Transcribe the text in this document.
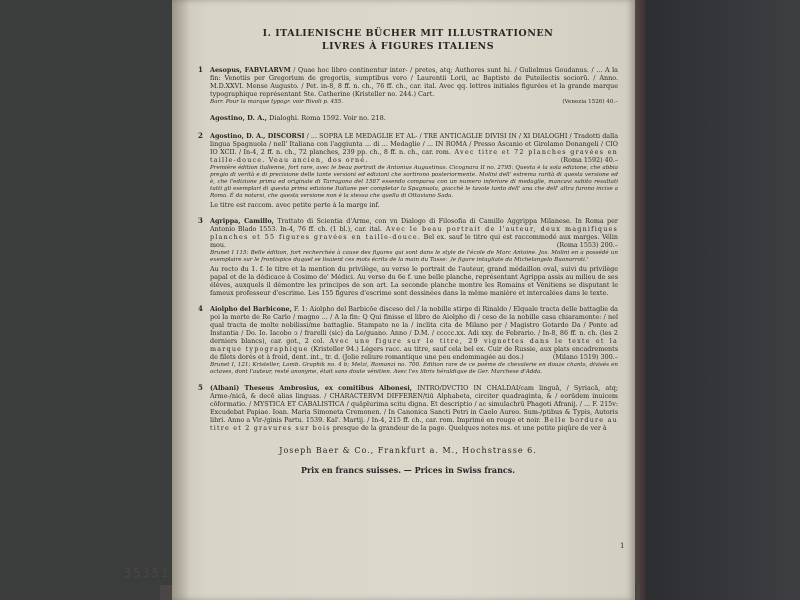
I. ITALIENISCHE BÜCHER MIT ILLUSTRATIONEN

LIVRES À FIGURES ITALIENS

1 Aesopus, FABVLARVM / Quae hoc libro continentur inter- / pretes, atq; Authores sunt hi. / Gulielmus Goudanus. / ... A la fin: Venetiis per Gregorium de gregoriis, sumptibus vero / Laurentii Lorii, ac Baptiste de Puteilectis sociorū. / Anno. M.D.XXVI. Mense Augusto. / Pet. in-8, 8 ff. n. ch., 76 ff. ch., car. ital. Avec qq. lettres initiales figurées et la grande marque typographique représentant Ste. Catherine (Kristeller no. 244.) Cart.
Barr. Pour la marque typogr. voir Rivoli p. 455.	(Venezia 1526) 40.–
Agostino, D. A., Dialoghi. Roma 1592. Voir no. 218.
2 Agostino, D. A., DISCORSI / ... SOPRA LE MEDAGLIE ET AL- / TRE ANTICAGLIE DIVISI IN / XI DIALOGHI / Tradotti dalla lingua Spagnuola / nell' Italiana con l'aggiunta ... di ... Medaglie / ... IN ROMA / Presso Ascanio et Girolamo Donangeli / CIO IO XCII. / In-4, 2 ff. n. ch., 72 planches, 239 pp. ch., 8 ff. n. ch., car. rom. Avec titre et 72 planches gravées en taille-douce. Veau ancien, dos orné.	(Roma 1592) 40.–
Première édition italienne, fort rare, avec le beau portrait de Antonius Augustinus. Cicognara II no. 2795: Questa è la sola edizione, che abbia pregio di verità e di precisione delle tante versioni ed edizioni che sortirono posteriormente. Molini dell' estrema rarità di questa versione ed è, che l'edizione prima ed originale di Tarragona del 1587 essendo comparsa con un numero inferiore di medaglie, mancavi subito resultati tutti gli esemplari di questa prima edizione Italiane per completar la Spagnuola, giacchè le tavole tanto dell' una che dell' altra furono incise a Roma. È da notarsi, che questa versione non è la stessa che quella di Ottaviano Sada.
Le titre est raccom. avec petite perte à la marge inf.
3 Agrippa, Camillo, Trattato di Scientia d'Arme, con vn Dialogo di Filosofia di Camillo Aggrippa Milanese. In Roma per Antonio Blado 1553. In-4, 76 ff. ch. (1 bl.), car. ital. Avec le beau portrait de l'auteur, deux magnifiques planches et 55 figures gravées en taille-douce. Bel ex. sauf le titre qui est raccommodé aux marges. Vélin mou.	(Roma 1553) 200.–
Brunet I 115: Belle édition, fort recherchée à cause des figures qui sont dans le style de l'école de Marc Antoine. Jos. Molini en a possédé un exemplaire sur le frontispice duquel se lisaient ces mots écrits de la main du Tasse: ‚le figure intagliate da Michelangelo Buonarroti.'
Au recto du 1. f. le titre et la mention du privilège, au verso le portrait de l'auteur, grand médaillon oval, suivi du privilège papal et de la dédicace à Cosimo de' Médici. Au verso du 6e f. une belle planche, représentant Agrippa assis au milieu de ses élèves, auxquels il démontre les principes de son art. La seconde planche montre les Romains et Vénitiens se disputant le fameux professeur d'escrime. Les 155 figures d'escrime sont dessinées dans la même manière et intercalées dans le texte.
4 Aiolpho del Barbicone, F. 1: Aiolpho del Barbicōe disceso del / la nobille stirpe di Rinaldo / Elquale tracta delle battaglie da poi la morte de Re Carlo / magno ... / A la fin: Q Qui finisse el libro de Aiolpho di / ceso de la nobille casa chiaramonte: / nel qual tracta de molte nobilissi/me battaglie. Stampato ne la / inclita cita de Milano per / Magistro Gotardo Da / Ponte ad Instantia / Do. Io. Iacobo ↄ / frarelli (sic) da Le/guano. Anno / D.M. / ccccc.xx. Adi xxy. de Febrario. / In-8, 86 ff. n. ch. (les 2 derniers blancs), car. got., 2 col. Avec une figure sur le titre, 29 vignettes dans le texte et la marque typographique (Kristeller 94.) Légers racc. au titre, sauf cela bel ex. Cuir de Russie, aux plats encadrements de filets dorés et à froid, dent. int., tr. d. (Jolie reliure romantique une peu endommagée au dos.)	(Milano 1519) 300.–
Brunet I, 121; Kristeller, Lomb. Graphik no. 4 b; Melzi, Romanzi no. 700. Édition rare de ce poème de chevalerie en douze chants, divisés en octaves, dont l'auteur, resté anonyme, était sans doute vénitien. Avec l'ex libris héraldique de Ger. Marchese d'Adda.
5 (Albani) Theseus Ambrosius, ex comitibus Albonesi, INTRO/DVCTIO IN CHALDAI/cam linguā, / Syriacā, atq; Arme-/nicā, & decē alias linguas. / CHARACTERVM DIFFEREN/tiū Alphabeta, circiter quadraginta, & / eorūdem inuicem cōformatio. / MYSTICA ET CABALISTICA / quāplurima scitu digna. Et descriptio / ac simulachrū Phagoti Afranij. / ... F. 215v: Excudebat Papiae. Ioan. Maria Simoneta Cremonen. / In Canonica Sancti Petri in Caelo Aureo. Sum-/ptibus & Typis, Autoris libri. Anno a Vir-/ginis Partu. 1539. Kal'. Martij. / In-4, 215 ff. ch., car. rom. Imprimé en rouge et noir. Belle bordure au titre et 2 gravures sur bois presque de la grandeur de la page. Quelques notes ms. et une petite piqûre de ver à
Joseph Baer & Co., Frankfurt a. M., Hochstrasse 6.
Prix en francs suisses. — Prices in Swiss francs.
1
35351
